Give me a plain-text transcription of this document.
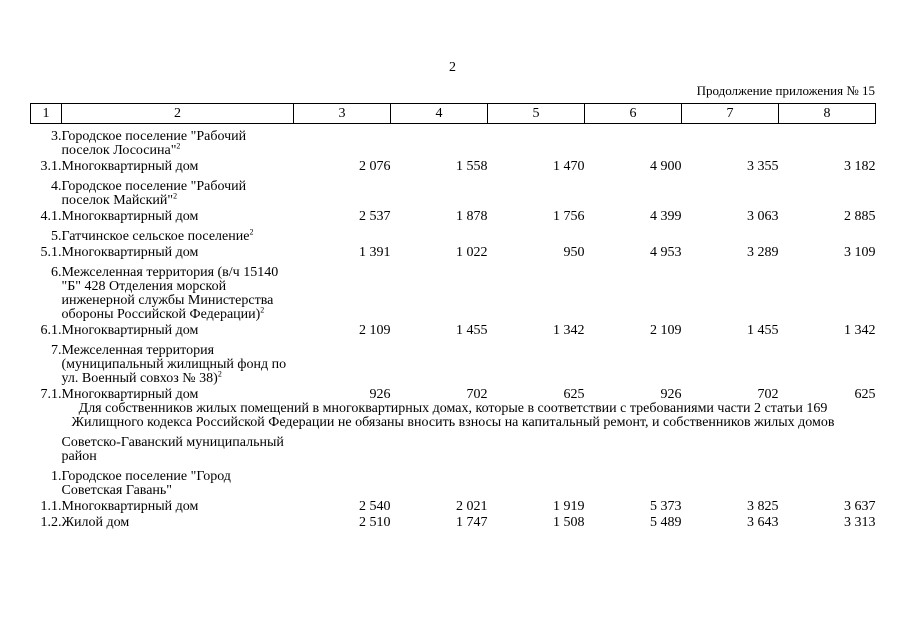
2
Продолжение приложения № 15
1	2	3	4	5	6	7	8
3.	Городское поселение "Рабочий поселок Лососина"$^2$						
3.1.	Многоквартирный дом	2 076	1 558	1 470	4 900	3 355	3 182
4.	Городское поселение "Рабочий поселок Майский"$^2$						
4.1.	Многоквартирный дом	2 537	1 878	1 756	4 399	3 063	2 885
5.	Гатчинское сельское поселение$^2$						
5.1.	Многоквартирный дом	1 391	1 022	950	4 953	3 289	3 109
6.	Межселенная территория (в/ч 15140 "Б" 428 Отделения морской инженерной службы Министерства обороны Российской Федерации)$^2$						
6.1.	Многоквартирный дом	2 109	1 455	1 342	2 109	1 455	1 342
7.	Межселенная территория (муниципальный жилищный фонд по ул. Военный совхоз № 38)$^2$						
7.1.	Многоквартирный дом	926	702	625	926	702	625

Для собственников жилых помещений в многоквартирных домах, которые в соответствии с требованиями части 2 статьи 169
Жилищного кодекса Российской Федерации не обязаны вносить взносы на капитальный ремонт, и собственников жилых домов							

	Советско-Гаванский муниципальный район						
1.	Городское поселение "Город Советская Гавань"						
1.1.	Многоквартирный дом	2 540	2 021	1 919	5 373	3 825	3 637
1.2.	Жилой дом	2 510	1 747	1 508	5 489	3 643	3 313
